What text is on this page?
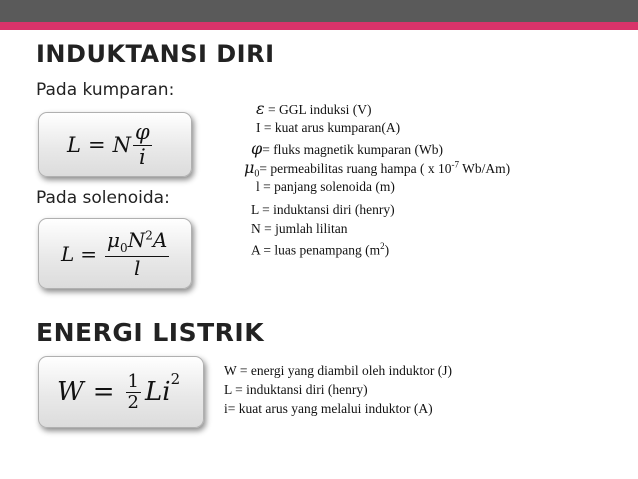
INDUKTANSI DIRI
Pada kumparan:
L = N $\frac{\varphi}{i}$
Pada solenoida:
$L = \frac{\mu_0N^2A}{l}$
ε = GGL induksi (V)
I = kuat arus kumparan(A)
φ= fluks magnetik kumparan (Wb)
$\mu_0=$ permeabilitas ruang hampa ( x $10^{-7}$ Wb/Am)
l = panjang solenoida (m)
L = induktansi diri (henry)
N = jumlah lilitan
A = luas penampang $(m^2)$
ENERGI LISTRIK
$W = \frac{1}{2} Li^2$	W = energi yang diambil oleh induktor (J)
L = induktansi diri (henry)
i= kuat arus yang melalui induktor (A)
